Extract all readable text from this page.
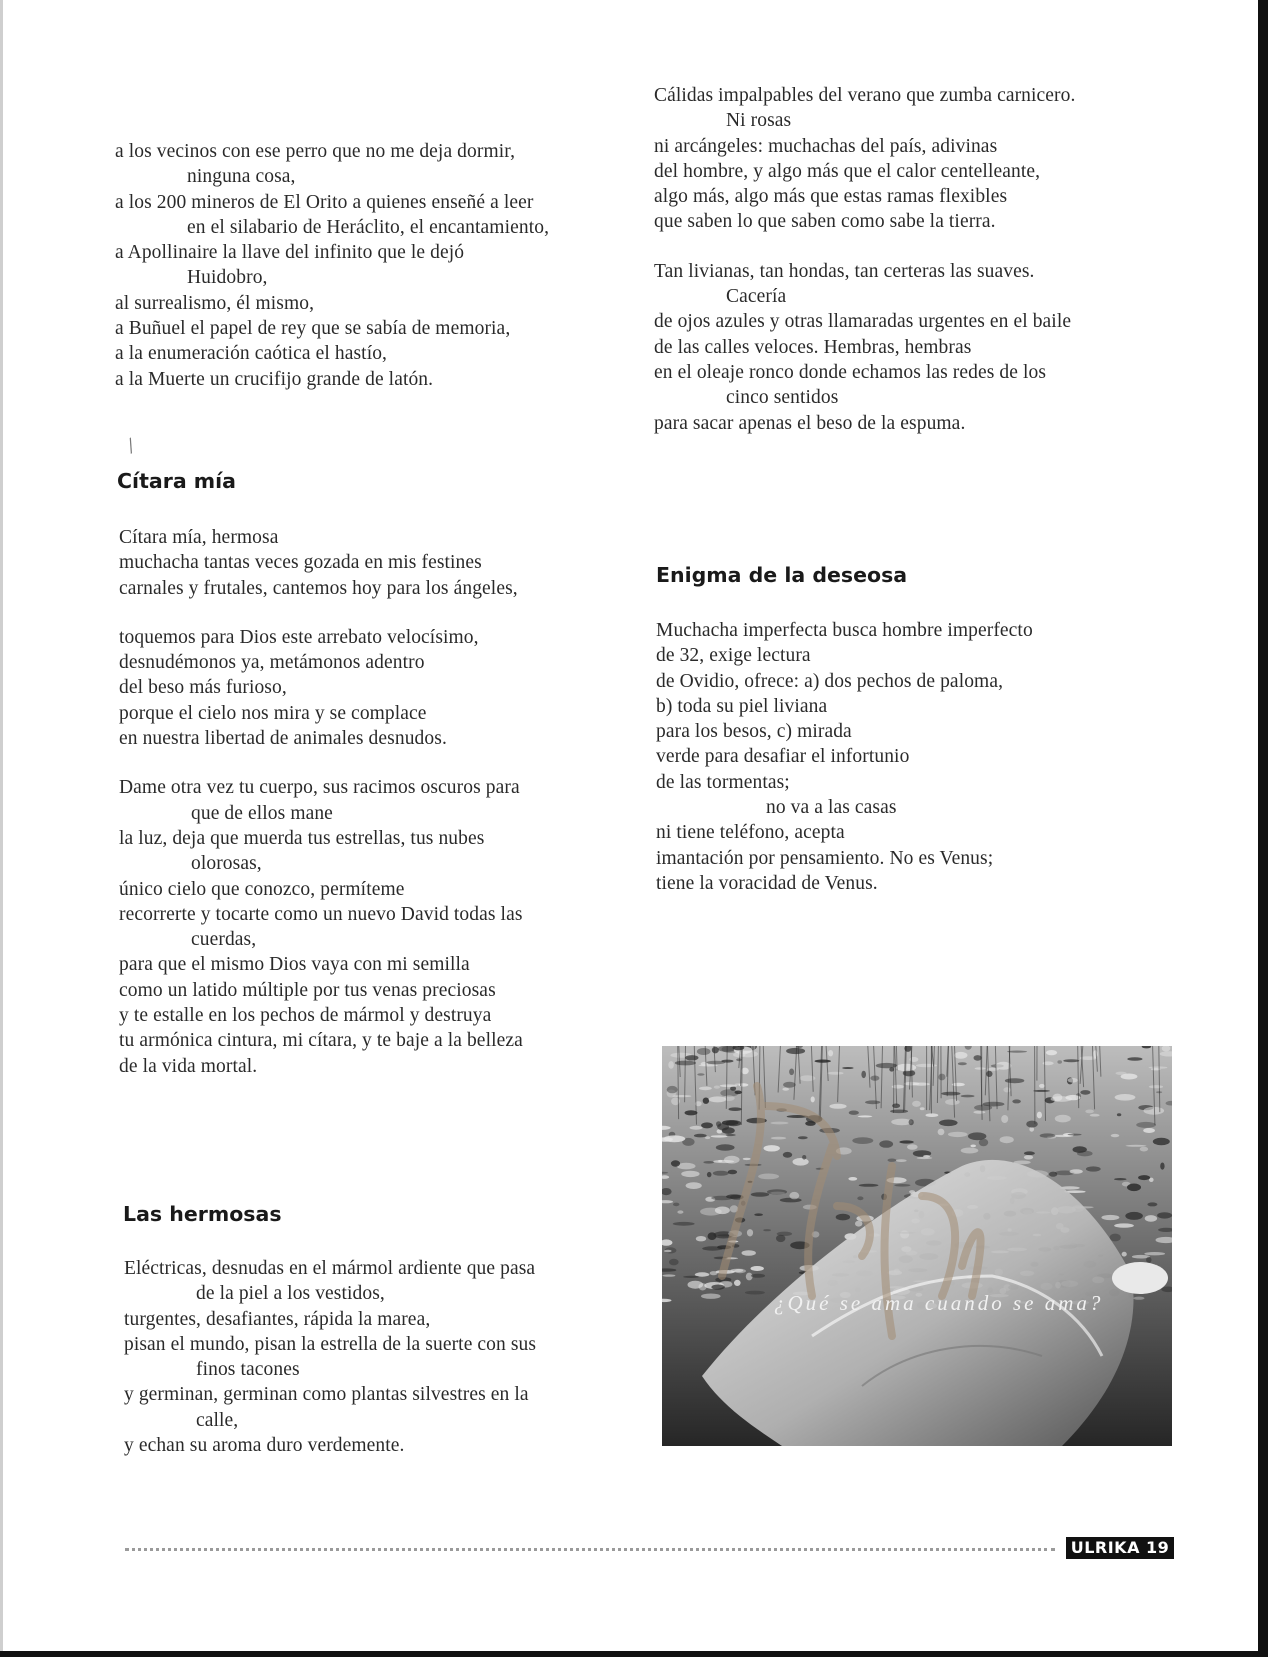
a los vecinos con ese perro que no me deja dormir,
ninguna cosa,
a los 200 mineros de El Orito a quienes enseñé a leer
en el silabario de Heráclito, el encantamiento,
a Apollinaire la llave del infinito que le dejó
Huidobro,
al surrealismo, él mismo,
a Buñuel el papel de rey que se sabía de memoria,
a la enumeración caótica el hastío,
a la Muerte un crucifijo grande de latón.
Cálidas impalpables del verano que zumba carnicero.
Ni rosas
ni arcángeles: muchachas del país, adivinas
del hombre, y algo más que el calor centelleante,
algo más, algo más que estas ramas flexibles
que saben lo que saben como sabe la tierra.
Tan livianas, tan hondas, tan certeras las suaves.
Cacería
de ojos azules y otras llamaradas urgentes en el baile
de las calles veloces. Hembras, hembras
en el oleaje ronco donde echamos las redes de los
cinco sentidos
para sacar apenas el beso de la espuma.
⁄
Cítara mía
Cítara mía, hermosa
muchacha tantas veces gozada en mis festines
carnales y frutales, cantemos hoy para los ángeles,
toquemos para Dios este arrebato velocísimo,
desnudémonos ya, metámonos adentro
del beso más furioso,
porque el cielo nos mira y se complace
en nuestra libertad de animales desnudos.
Dame otra vez tu cuerpo, sus racimos oscuros para
que de ellos mane
la luz, deja que muerda tus estrellas, tus nubes
olorosas,
único cielo que conozco, permíteme
recorrerte y tocarte como un nuevo David todas las
cuerdas,
para que el mismo Dios vaya con mi semilla
como un latido múltiple por tus venas preciosas
y te estalle en los pechos de mármol y destruya
tu armónica cintura, mi cítara, y te baje a la belleza
de la vida mortal.
Enigma de la deseosa
Muchacha imperfecta busca hombre imperfecto
de 32, exige lectura
de Ovidio, ofrece: a) dos pechos de paloma,
b) toda su piel liviana
para los besos, c) mirada
verde para desafiar el infortunio
de las tormentas;
no va a las casas
ni tiene teléfono, acepta
imantación por pensamiento. No es Venus;
tiene la voracidad de Venus.
Las hermosas
Eléctricas, desnudas en el mármol ardiente que pasa
de la piel a los vestidos,
turgentes, desafiantes, rápida la marea,
pisan el mundo, pisan la estrella de la suerte con sus
finos tacones
y germinan, germinan como plantas silvestres en la
calle,
y echan su aroma duro verdemente.
¿Qué se ama cuando se ama?
ULRIKA 19
